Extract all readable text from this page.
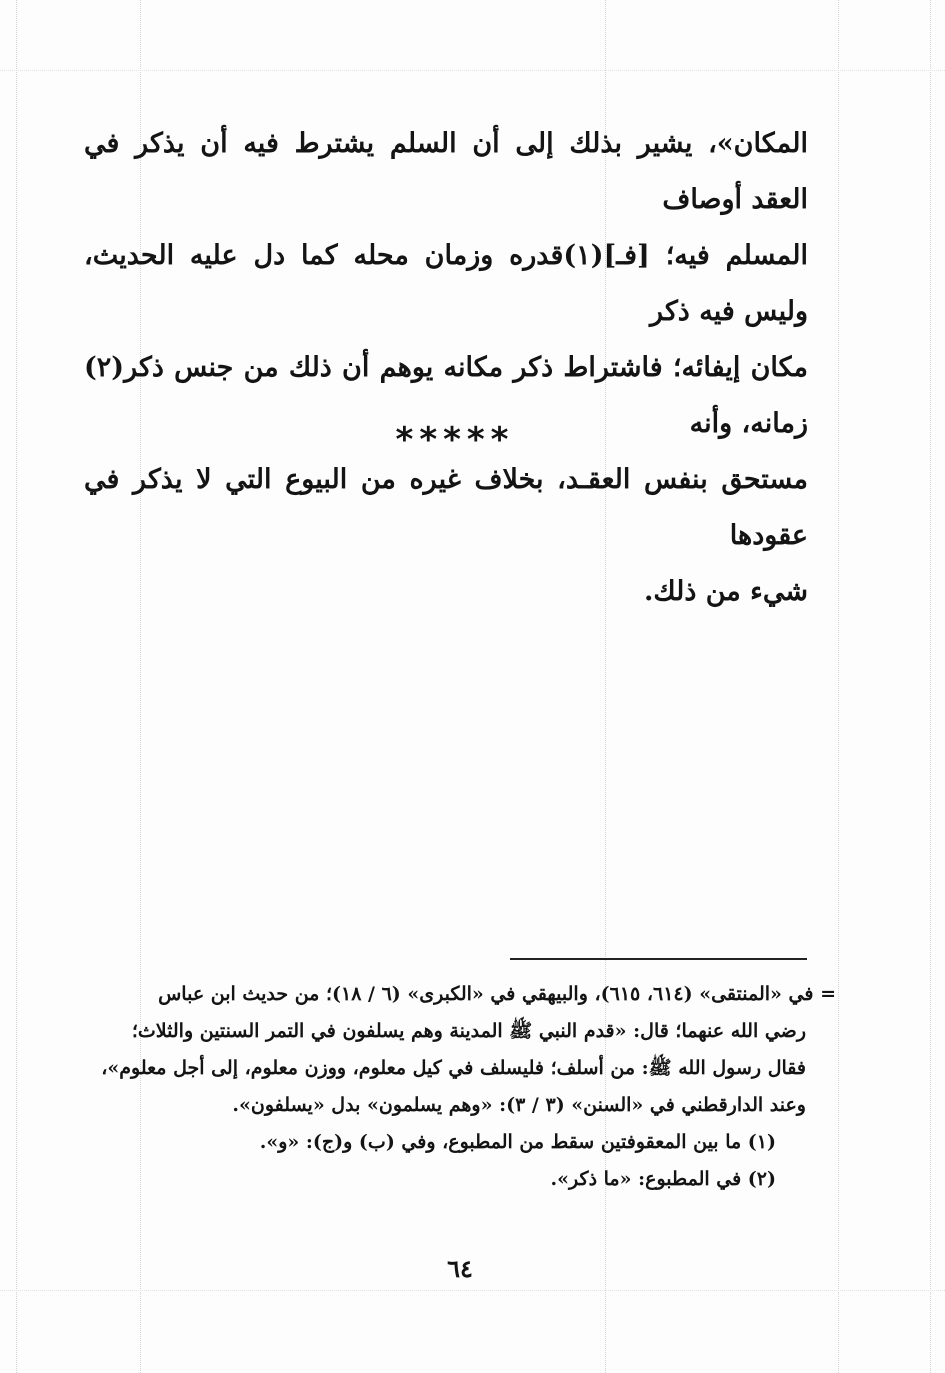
المكان»، يشير بذلك إلى أن السلم يشترط فيه أن يذكر في العقد أوصاف

المسلم فيه؛ [فـ](١)قدره وزمان محله كما دل عليه الحديث، وليس فيه ذكر

مكان إيفائه؛ فاشتراط ذكر مكانه يوهم أن ذلك من جنس ذكر(٢) زمانه، وأنه

مستحق بنفس العقـد، بخلاف غيره من البيوع التي لا يذكر في عقودها

شيء من ذلك.

*****

= في «المنتقى» (٦١٤، ٦١٥)، والبيهقي في «الكبرى» (٦ / ١٨)؛ من حديث ابن عباس

رضي الله عنهما؛ قال: «قدم النبي ﷺ المدينة وهم يسلفون في التمر السنتين والثلاث؛

فقال رسول الله ﷺ: من أسلف؛ فليسلف في كيل معلوم، ووزن معلوم، إلى أجل معلوم»،

وعند الدارقطني في «السنن» (٣ / ٣): «وهم يسلمون» بدل «يسلفون».

(١) ما بين المعقوفتين سقط من المطبوع، وفي (ب) و(ج): «و».

(٢) في المطبوع: «ما ذكر».

٦٤
